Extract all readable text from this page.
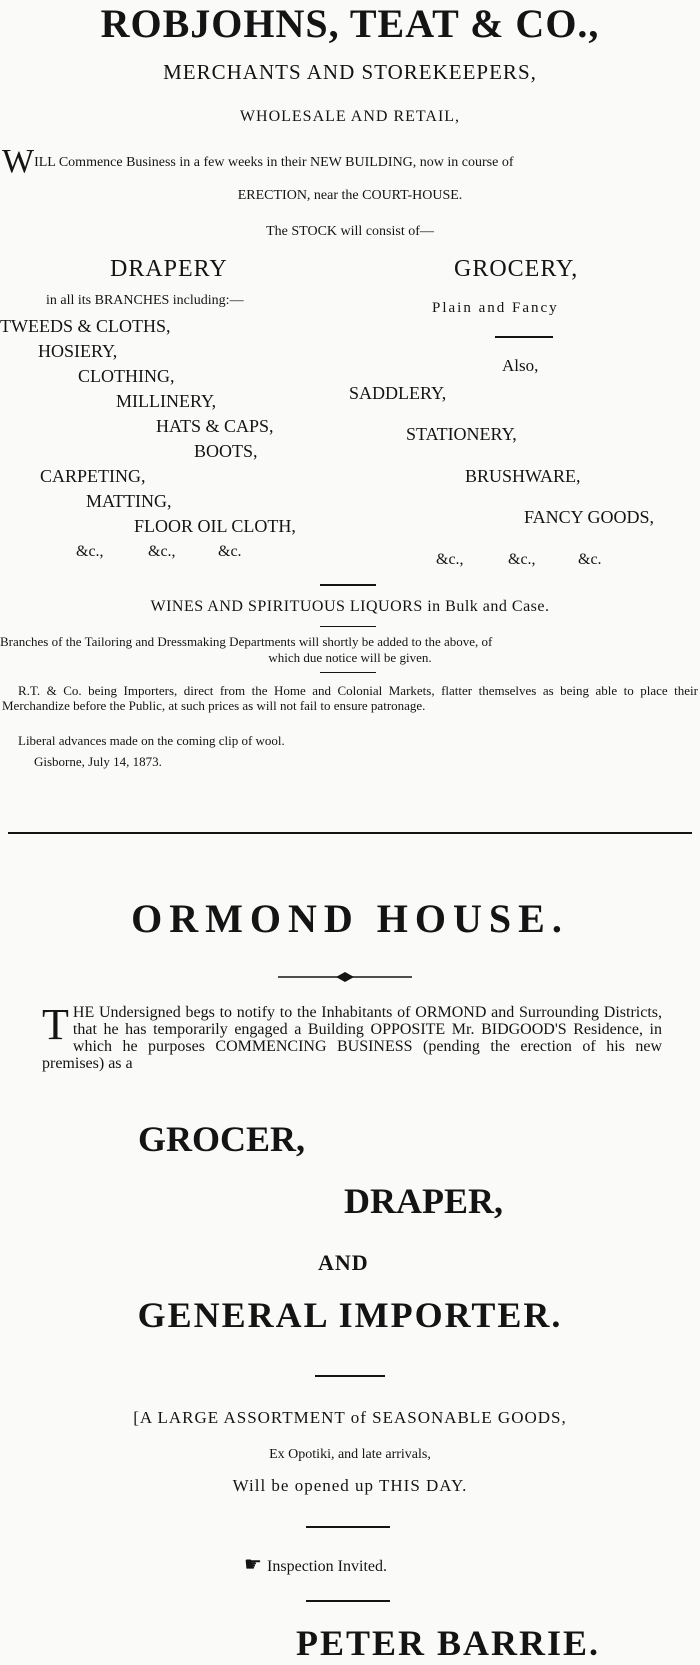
ROBJOHNS, TEAT & CO.,
MERCHANTS AND STOREKEEPERS,
WHOLESALE AND RETAIL,
WILL Commence Business in a few weeks in their NEW BUILDING, now in course of
ERECTION, near the COURT-HOUSE.
The STOCK will consist of—
DRAPERY
in all its BRANCHES including:—
TWEEDS & CLOTHS,
HOSIERY,
CLOTHING,
MILLINERY,
HATS & CAPS,
BOOTS,
CARPETING,
MATTING,
FLOOR OIL CLOTH,
&c.,	&c.,	&c.
GROCERY,
Plain and Fancy
Also,
SADDLERY,
STATIONERY,
BRUSHWARE,
FANCY GOODS,
&c.,	&c.,	&c.
WINES AND SPIRITUOUS LIQUORS in Bulk and Case.
Branches of the Tailoring and Dressmaking Departments will shortly be added to the above, of
which due notice will be given.
R.T. & Co. being Importers, direct from the Home and Colonial Markets, flatter themselves as being able to place their Merchandize before the Public, at such prices as will not fail to ensure patronage.
Liberal advances made on the coming clip of wool.
Gisborne, July 14, 1873.
ORMOND HOUSE.
THE Undersigned begs to notify to the Inhabitants of ORMOND and Surrounding Districts, that he has temporarily engaged a Building OPPOSITE Mr. BIDGOOD'S Residence, in which he purposes COMMENCING BUSINESS (pending the erection of his new premises) as a
GROCER,
DRAPER,
AND
GENERAL IMPORTER.
[A LARGE ASSORTMENT of SEASONABLE GOODS,
Ex Opotiki, and late arrivals,
Will be opened up THIS DAY.
☛ Inspection Invited.
PETER BARRIE.
